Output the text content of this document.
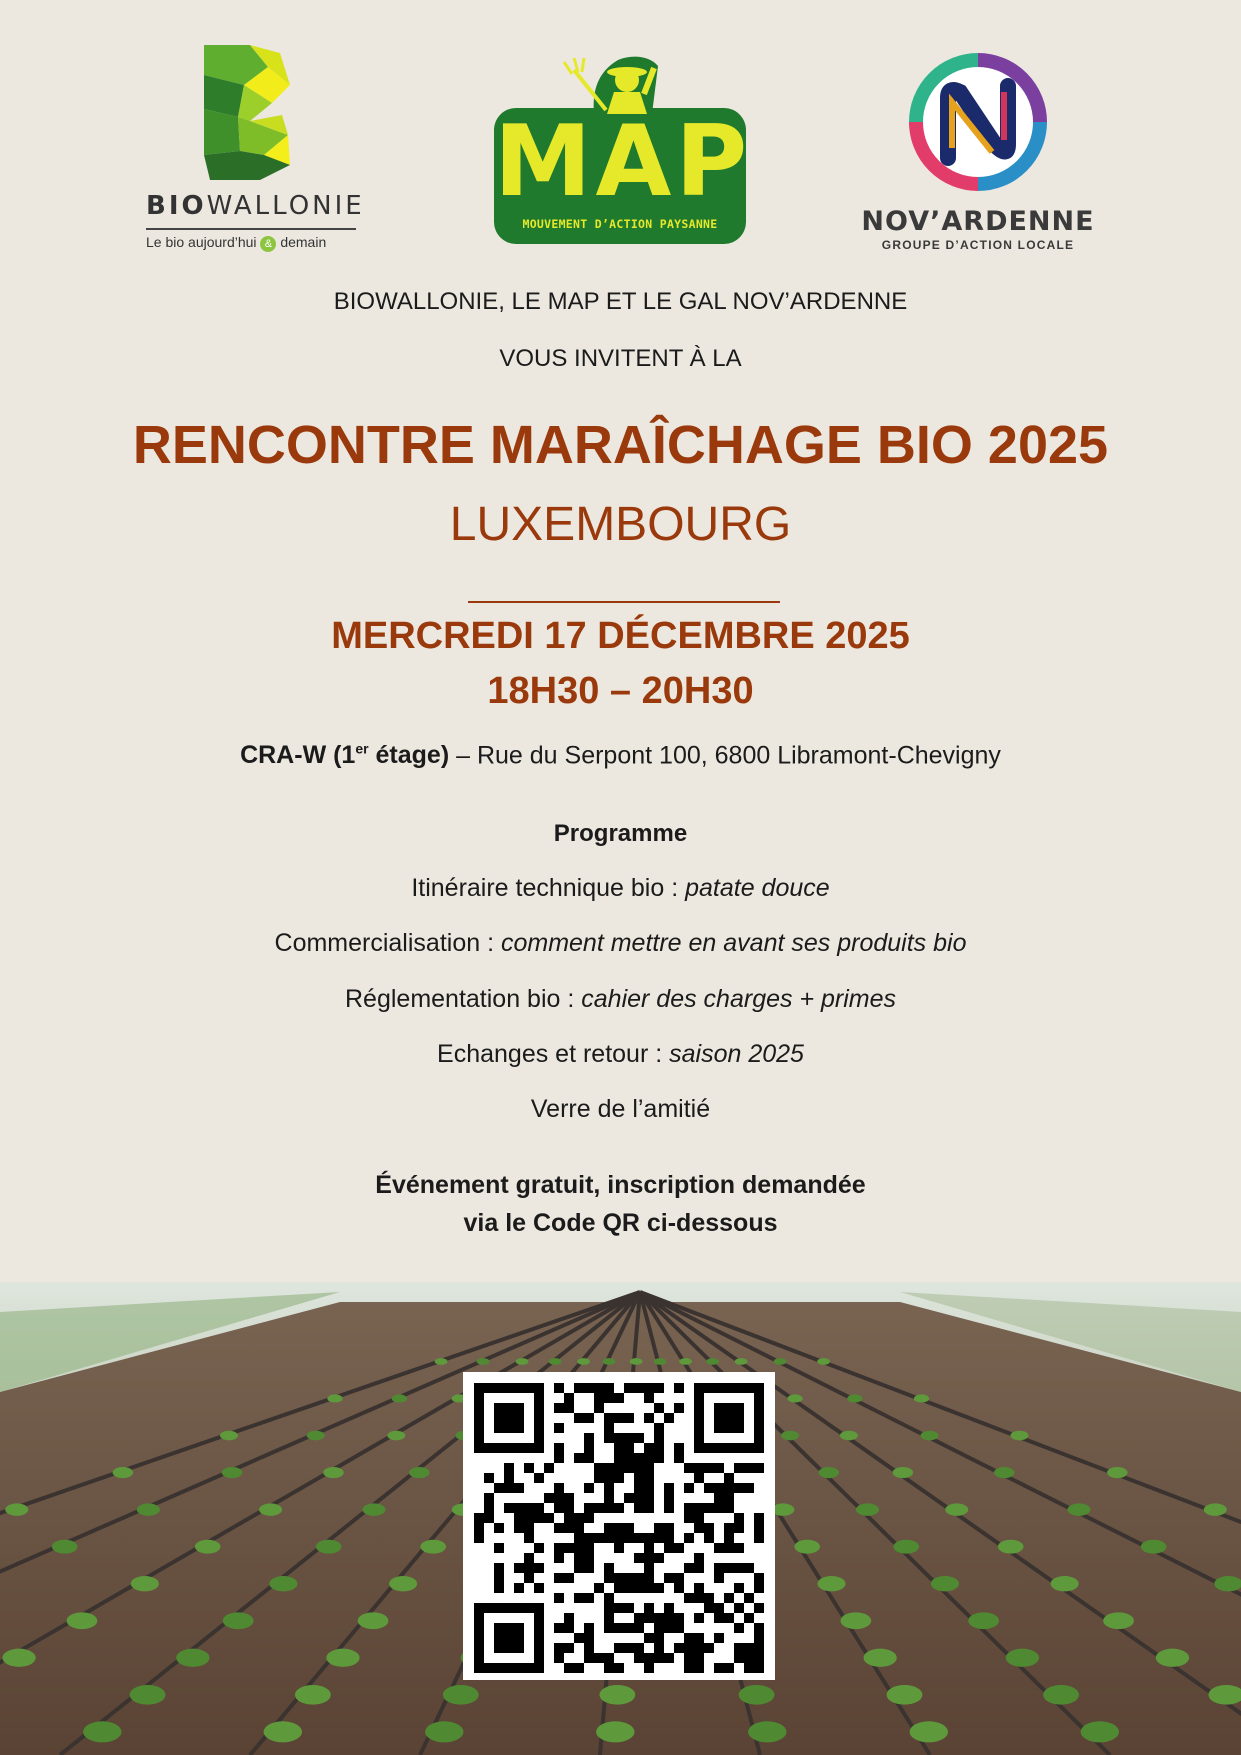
BIOWALLONIE
Le bio aujourd’hui & demain
MAP
MOUVEMENT D’ACTION PAYSANNE	NOV’ARDENNE
GROUPE D’ACTION LOCALE
BIOWALLONIE, LE MAP ET LE GAL NOV’ARDENNE
VOUS INVITENT À LA
RENCONTRE MARAÎCHAGE BIO 2025
LUXEMBOURG
MERCREDI 17 DÉCEMBRE 2025
18H30 – 20H30
CRA-W (1er étage) – Rue du Serpont 100, 6800 Libramont-Chevigny
Programme
Itinéraire technique bio : patate douce
Commercialisation : comment mettre en avant ses produits bio
Réglementation bio : cahier des charges + primes
Echanges et retour : saison 2025
Verre de l’amitié
Événement gratuit, inscription demandée
via le Code QR ci-dessous
